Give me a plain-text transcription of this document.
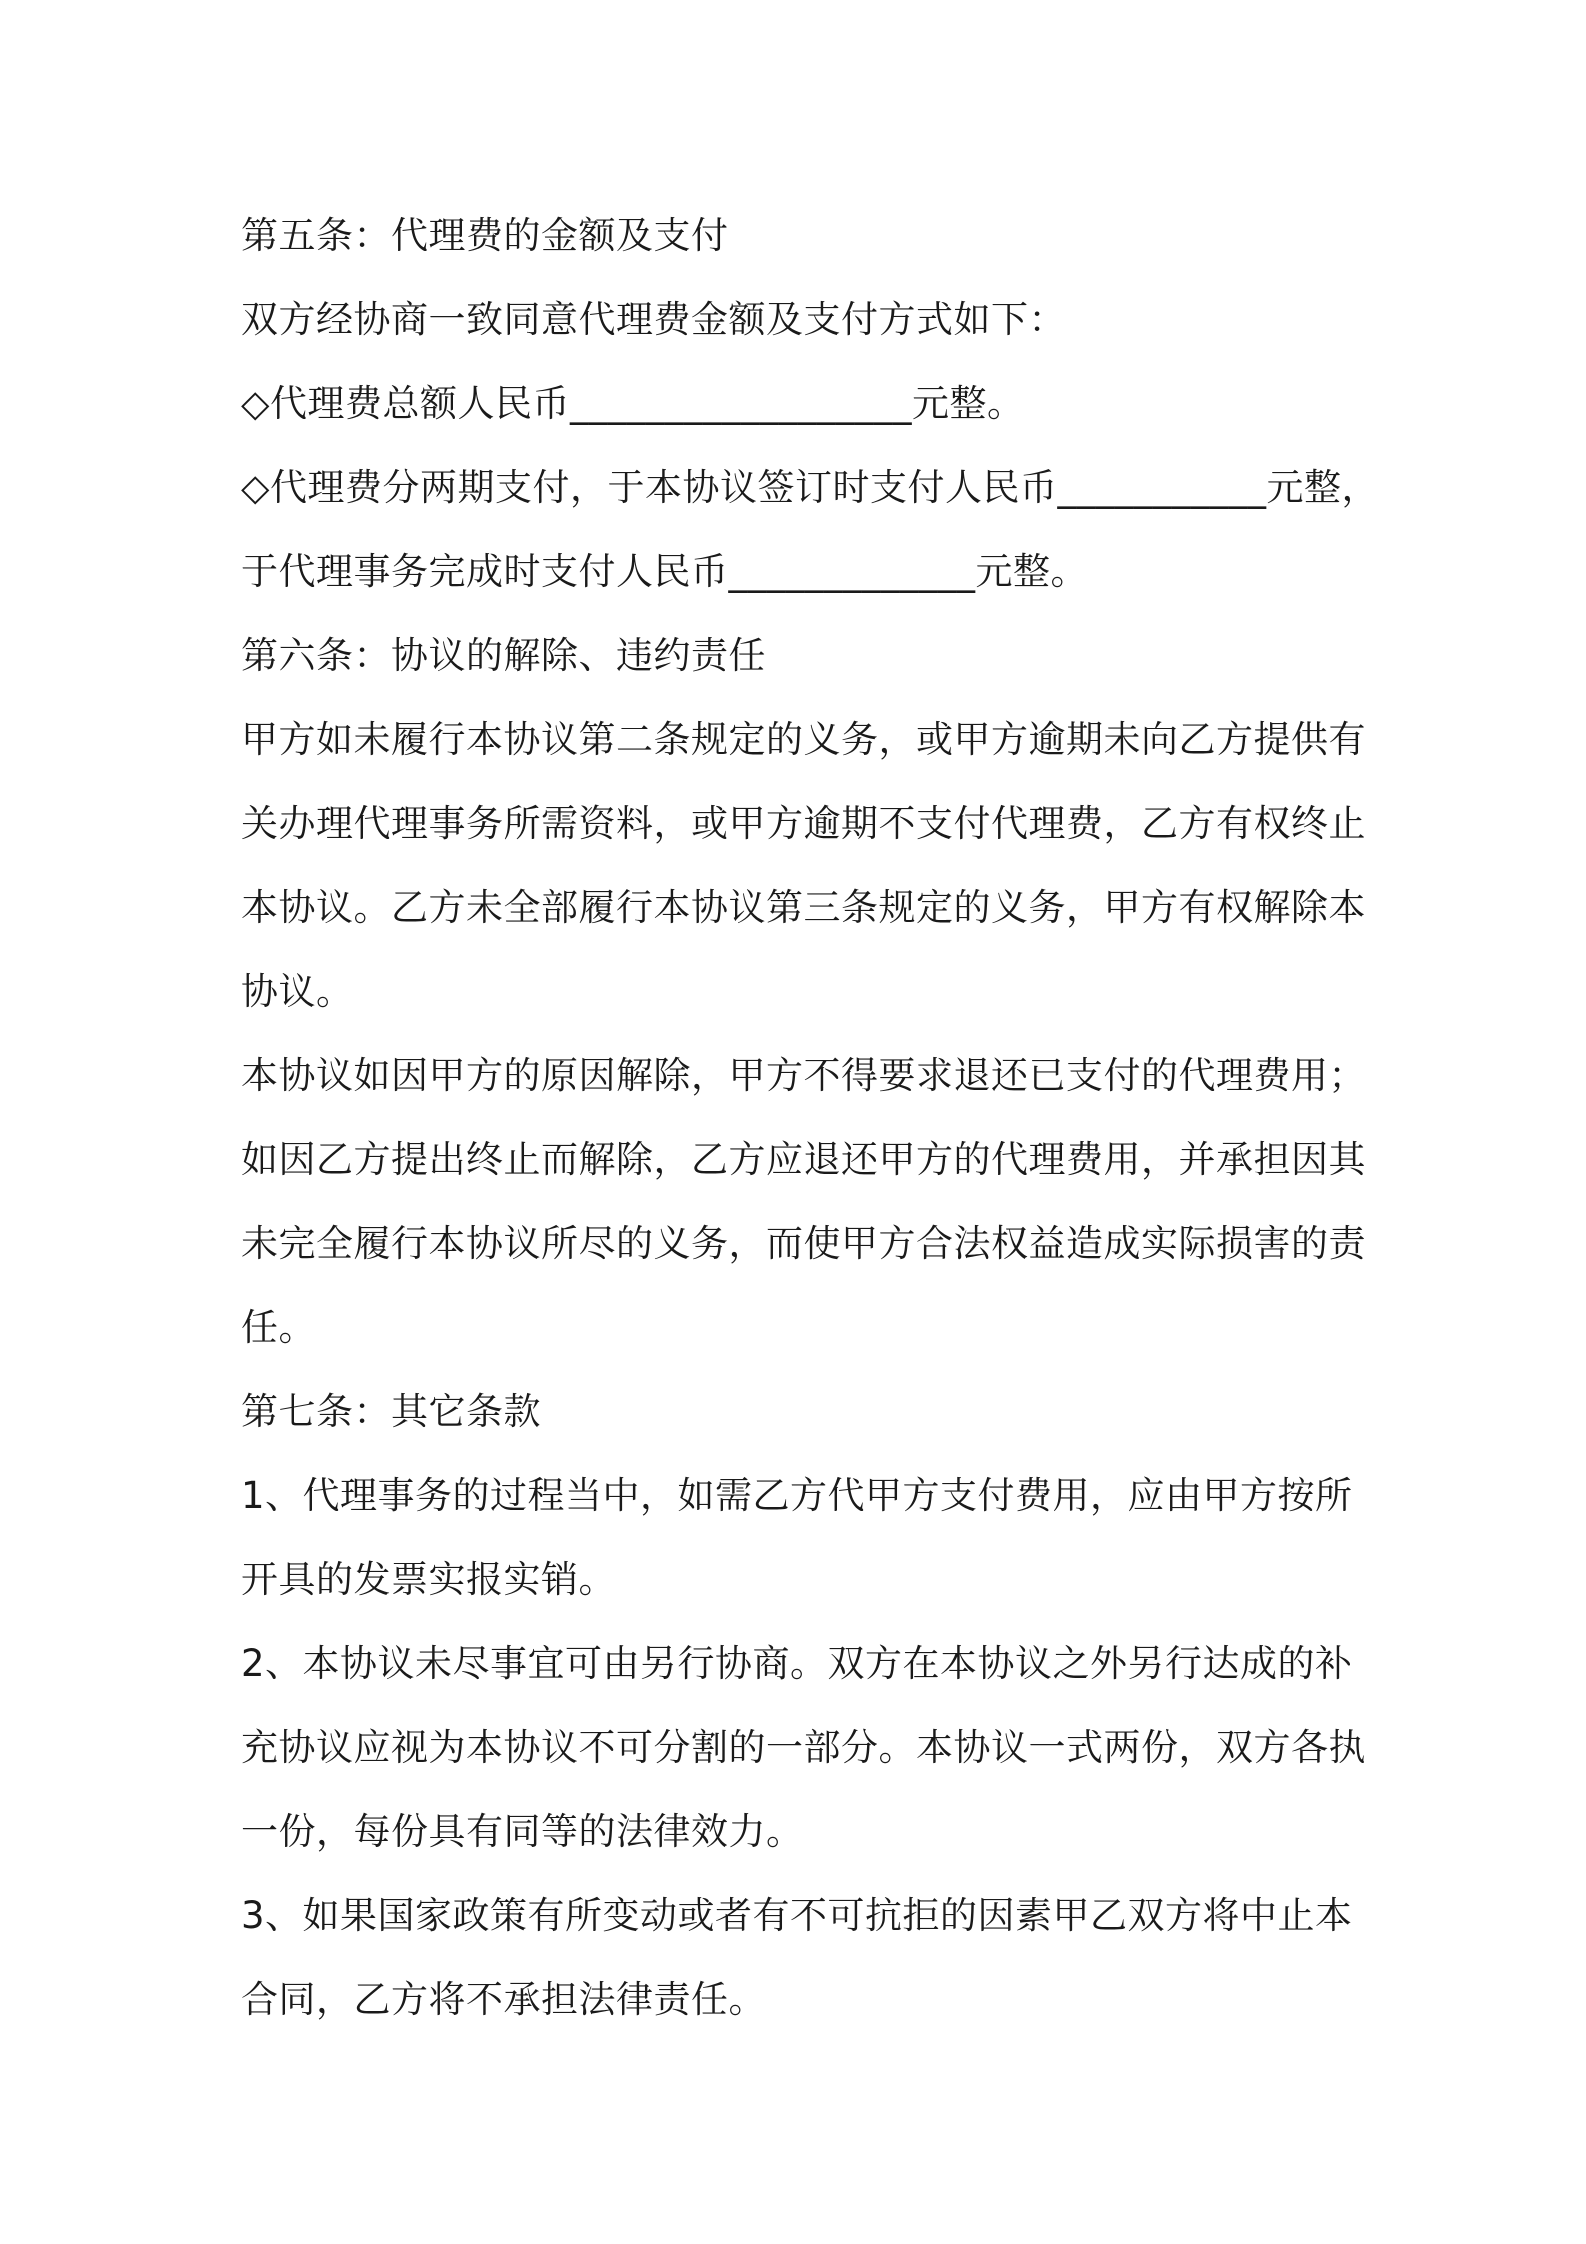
第五条：代理费的金额及支付
双方经协商一致同意代理费金额及支付方式如下：
◇代理费总额人民币__________________元整。
◇代理费分两期支付，于本协议签订时支付人民币___________元整，
于代理事务完成时支付人民币_____________元整。
第六条：协议的解除、违约责任
甲方如未履行本协议第二条规定的义务，或甲方逾期未向乙方提供有
关办理代理事务所需资料，或甲方逾期不支付代理费，乙方有权终止
本协议。乙方未全部履行本协议第三条规定的义务，甲方有权解除本
协议。
本协议如因甲方的原因解除，甲方不得要求退还已支付的代理费用；
如因乙方提出终止而解除，乙方应退还甲方的代理费用，并承担因其
未完全履行本协议所尽的义务，而使甲方合法权益造成实际损害的责
任。
第七条：其它条款
1、代理事务的过程当中，如需乙方代甲方支付费用，应由甲方按所
开具的发票实报实销。
2、本协议未尽事宜可由另行协商。双方在本协议之外另行达成的补
充协议应视为本协议不可分割的一部分。本协议一式两份，双方各执
一份，每份具有同等的法律效力。
3、如果国家政策有所变动或者有不可抗拒的因素甲乙双方将中止本
合同，乙方将不承担法律责任。
